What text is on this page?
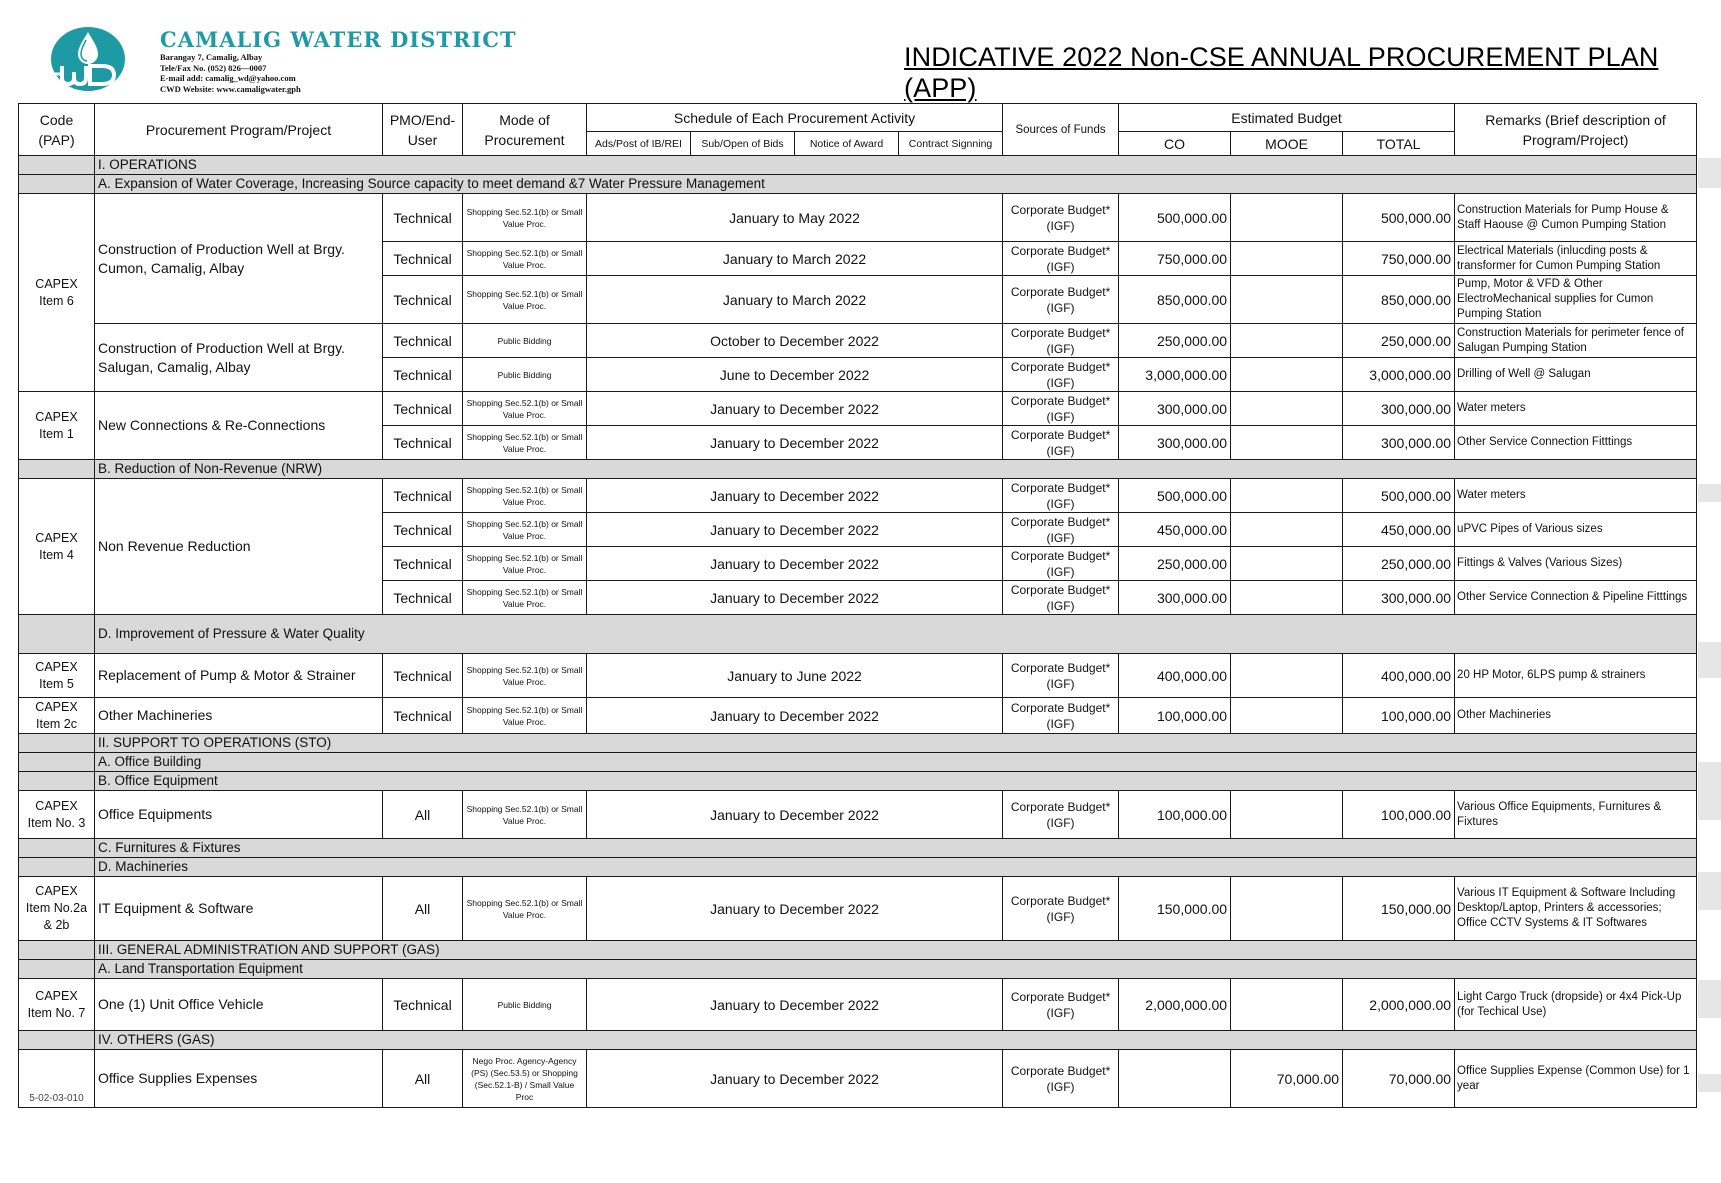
CAMALIG WATER DISTRICT
Barangay 7, Camalig, Albay
Tele/Fax No. (052) 826—0007
E-mail add: camalig_wd@yahoo.com
CWD Website: www.camaligwater.gph
INDICATIVE 2022 Non-CSE ANNUAL PROCUREMENT PLAN (APP)
Code (PAP)	Procurement Program/Project	PMO/End-User	Mode of Procurement	Schedule of Each Procurement Activity				Sources of Funds	Estimated Budget			Remarks (Brief description of Program/Project)
				Ads/Post of IB/REI	Sub/Open of Bids	Notice of Award	Contract Signning		CO	MOOE	TOTAL	
	I. OPERATIONS											
	A. Expansion of Water Coverage, Increasing Source capacity to meet demand &7 Water Pressure Management											
CAPEX Item 6	Construction of Production Well at Brgy. Cumon, Camalig, Albay	Technical	Shopping Sec.52.1(b) or Small Value Proc.	January to May 2022				Corporate Budget*(IGF)	500,000.00		500,000.00	Construction Materials for Pump House & Staff Haouse @ Cumon Pumping Station
		Technical	Shopping Sec.52.1(b) or Small Value Proc.	January to March 2022				Corporate Budget*(IGF)	750,000.00		750,000.00	Electrical Materials (inlucding posts & transformer for Cumon Pumping Station
		Technical	Shopping Sec.52.1(b) or Small Value Proc.	January to March 2022				Corporate Budget*(IGF)	850,000.00		850,000.00	Pump, Motor & VFD & Other ElectroMechanical supplies for Cumon Pumping Station
	Construction of Production Well at Brgy. Salugan, Camalig, Albay	Technical	Public Bidding	October to December 2022				Corporate Budget*(IGF)	250,000.00		250,000.00	Construction Materials for perimeter fence of Salugan Pumping Station
		Technical	Public Bidding	June to December 2022				Corporate Budget*(IGF)	3,000,000.00		3,000,000.00	Drilling of Well @ Salugan
CAPEX Item 1	New Connections & Re-Connections	Technical	Shopping Sec.52.1(b) or Small Value Proc.	January to December 2022				Corporate Budget*(IGF)	300,000.00		300,000.00	Water meters
		Technical	Shopping Sec.52.1(b) or Small Value Proc.	January to December 2022				Corporate Budget*(IGF)	300,000.00		300,000.00	Other Service Connection Fitttings
	B. Reduction of Non-Revenue (NRW)											
CAPEX Item 4	Non Revenue Reduction	Technical	Shopping Sec.52.1(b) or Small Value Proc.	January to December 2022				Corporate Budget*(IGF)	500,000.00		500,000.00	Water meters
		Technical	Shopping Sec.52.1(b) or Small Value Proc.	January to December 2022				Corporate Budget*(IGF)	450,000.00		450,000.00	uPVC Pipes of Various sizes
		Technical	Shopping Sec.52.1(b) or Small Value Proc.	January to December 2022				Corporate Budget*(IGF)	250,000.00		250,000.00	Fittings & Valves (Various Sizes)
		Technical	Shopping Sec.52.1(b) or Small Value Proc.	January to December 2022				Corporate Budget*(IGF)	300,000.00		300,000.00	Other Service Connection & Pipeline Fitttings
	D. Improvement of Pressure & Water Quality											
CAPEX Item 5	Replacement of Pump & Motor & Strainer	Technical	Shopping Sec.52.1(b) or Small Value Proc.	January to June 2022				Corporate Budget*(IGF)	400,000.00		400,000.00	20 HP Motor, 6LPS pump & strainers
CAPEX Item 2c	Other Machineries	Technical	Shopping Sec.52.1(b) or Small Value Proc.	January to December 2022				Corporate Budget*(IGF)	100,000.00		100,000.00	Other Machineries
	II. SUPPORT TO OPERATIONS (STO)											
	A. Office Building											
	B. Office Equipment											
CAPEX Item No. 3	Office Equipments	All	Shopping Sec.52.1(b) or Small Value Proc.	January to December 2022				Corporate Budget*(IGF)	100,000.00		100,000.00	Various Office Equipments, Furnitures & Fixtures
	C. Furnitures & Fixtures											
	D. Machineries											
CAPEX Item No.2a & 2b	IT Equipment & Software	All	Shopping Sec.52.1(b) or Small Value Proc.	January to December 2022				Corporate Budget*(IGF)	150,000.00		150,000.00	Various IT Equipment & Software Including Desktop/Laptop, Printers & accessories; Office CCTV Systems & IT Softwares
	III. GENERAL ADMINISTRATION AND SUPPORT (GAS)											
	A. Land Transportation Equipment											
CAPEX Item No. 7	One (1) Unit Office Vehicle	Technical	Public Bidding	January to December 2022				Corporate Budget*(IGF)	2,000,000.00		2,000,000.00	Light Cargo Truck (dropside) or 4x4 Pick-Up (for Techical Use)
	IV. OTHERS (GAS)											
5-02-03-010	Office Supplies Expenses	All	Nego Proc. Agency-Agency (PS) (Sec.53.5) or Shopping (Sec.52.1-B) / Small Value Proc	January to December 2022				Corporate Budget*(IGF)		70,000.00	70,000.00	Office Supplies Expense (Common Use) for 1 year
